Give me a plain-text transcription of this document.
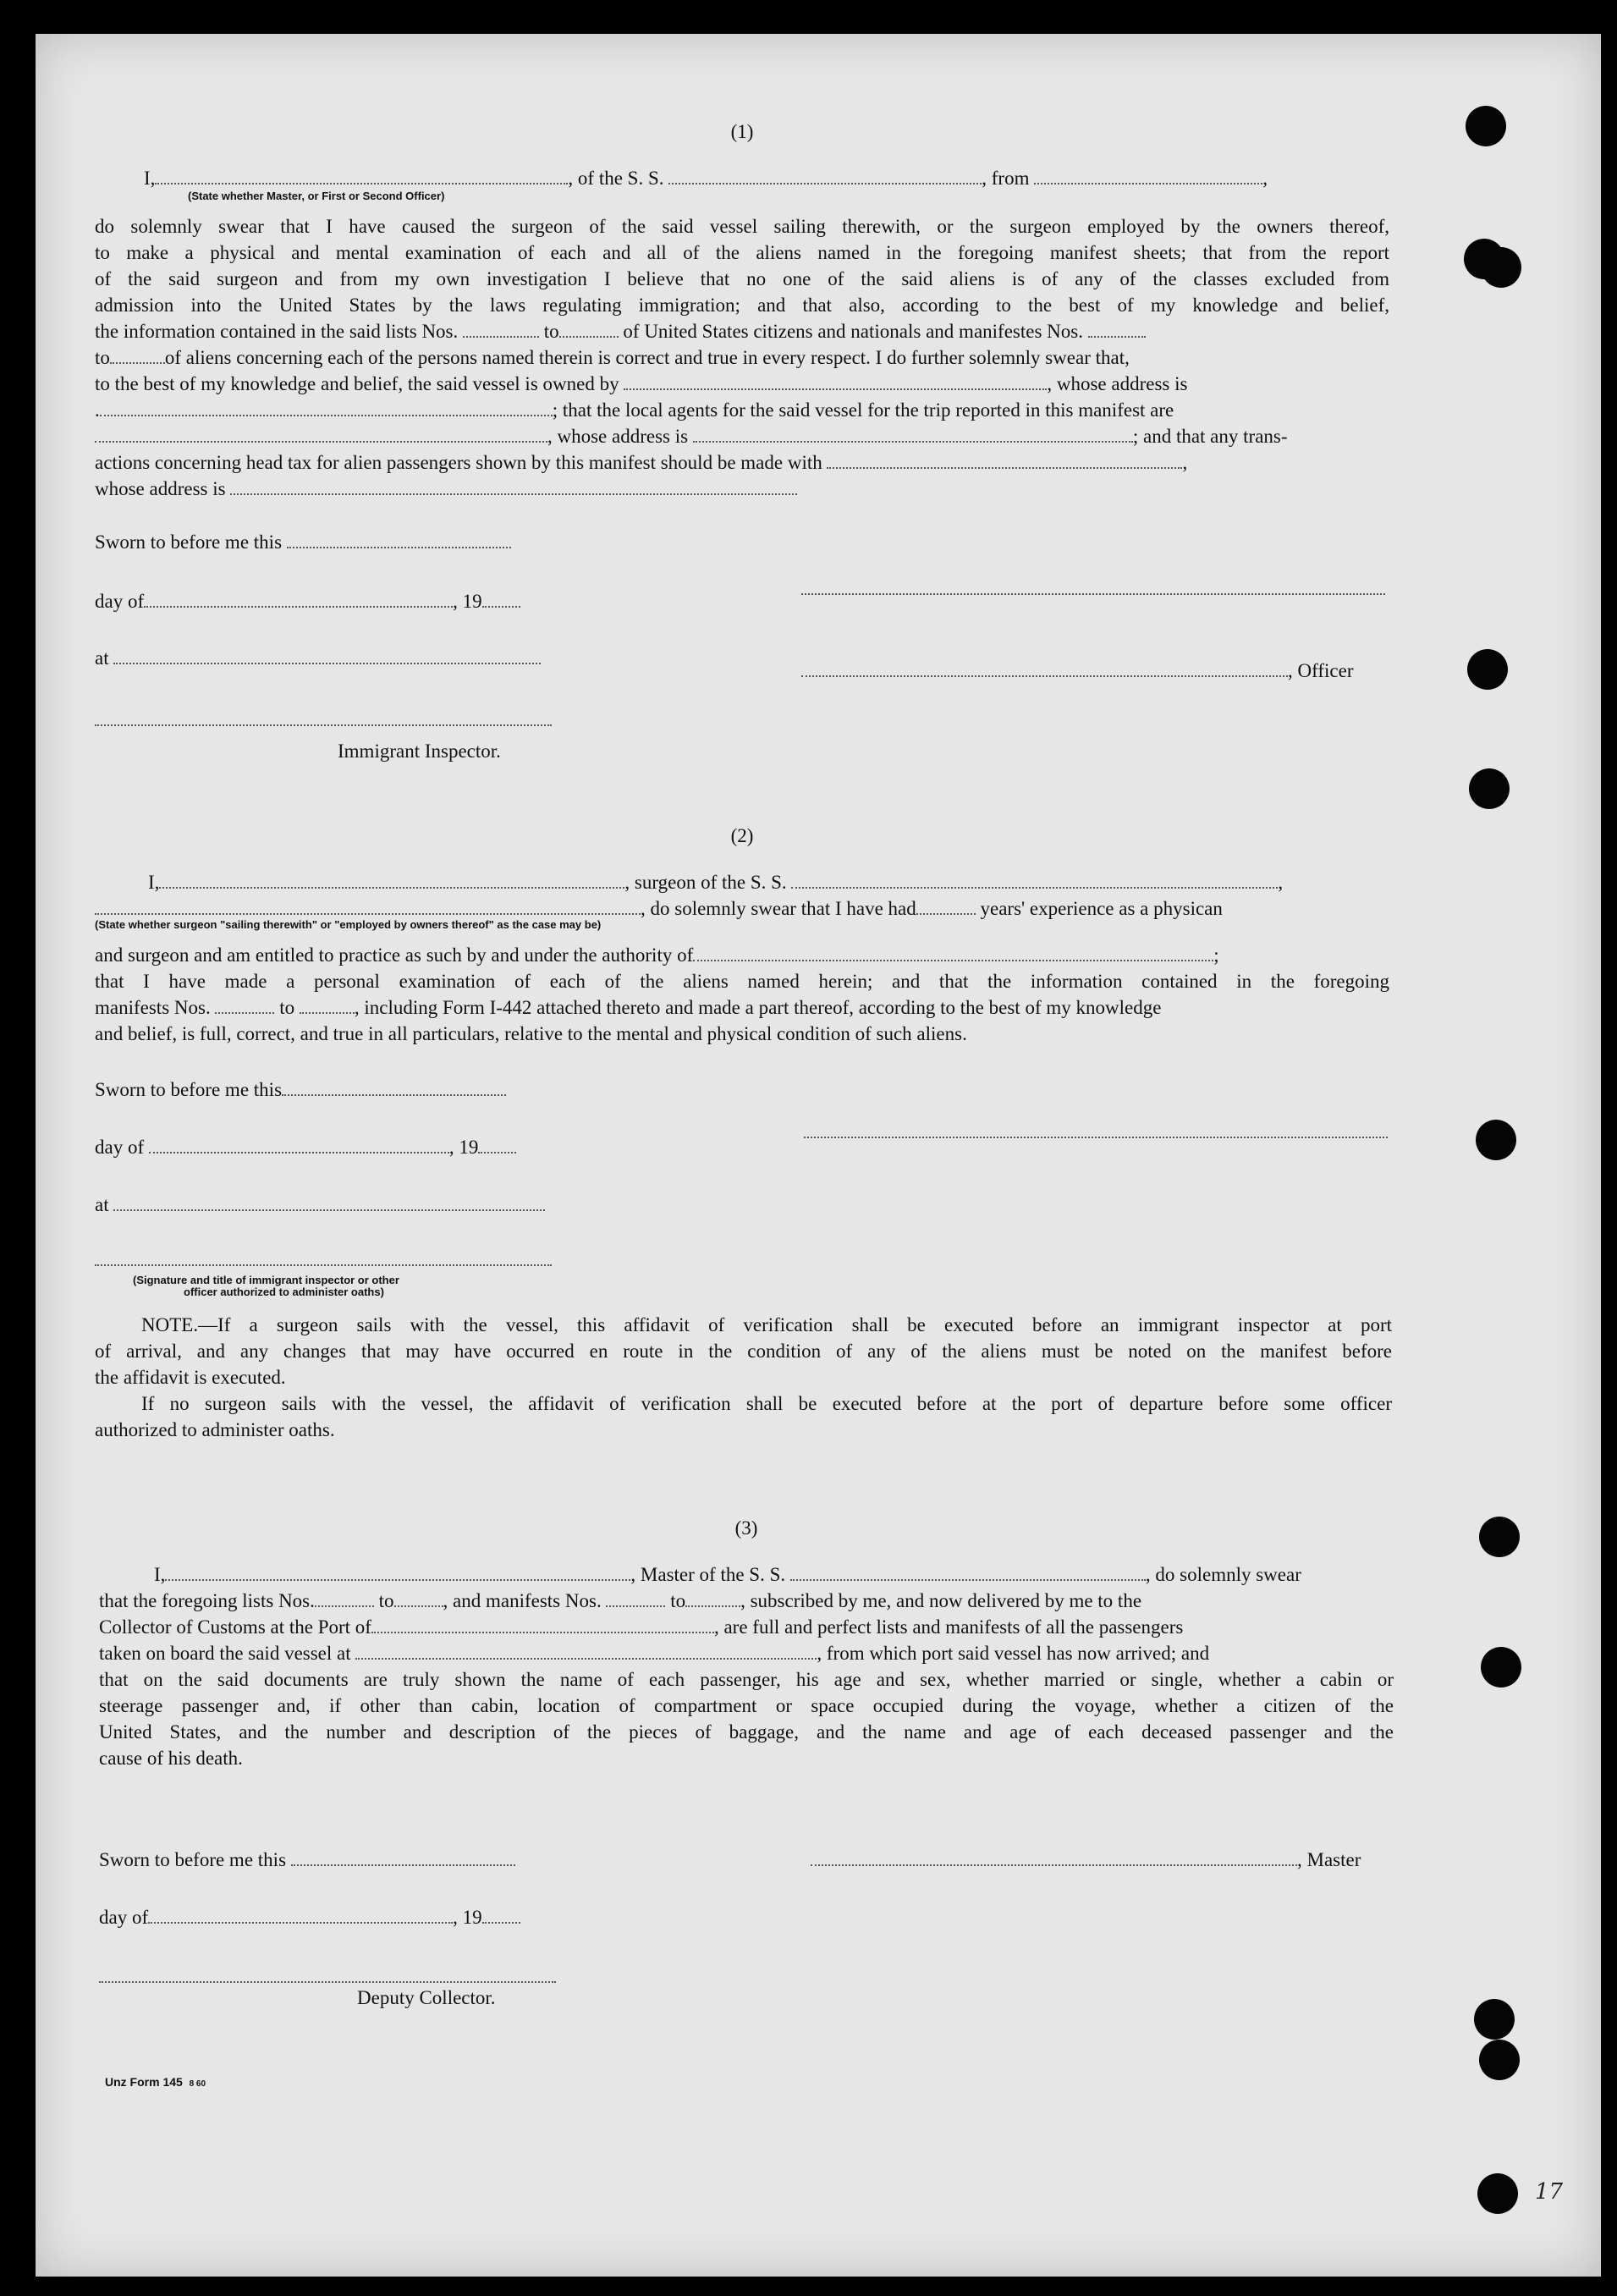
(1)
I,	, of the S. S.	, from	,
(State whether Master, or First or Second Officer)
do solemnly swear that I have caused the surgeon of the said vessel sailing therewith, or the surgeon employed by the owners thereof,
to make a physical and mental examination of each and all of the aliens named in the foregoing manifest sheets; that from the report
of the said surgeon and from my own investigation I believe that no one of the said aliens is of any of the classes excluded from
admission into the United States by the laws regulating immigration; and that also, according to the best of my knowledge and belief,
the information contained in the said lists Nos.	to	of United States citizens and nationals and manifestes Nos.
to	of aliens concerning each of the persons named therein is correct and true in every respect. I do further solemnly swear that,
to the best of my knowledge and belief, the said vessel is owned by	, whose address is
.	; that the local agents for the said vessel for the trip reported in this manifest are
, whose address is	; and that any trans-
actions concerning head tax for alien passengers shown by this manifest should be made with	,
whose address is
Sworn to before me this
day of	, 19
at
, Officer
Immigrant Inspector.
(2)
I,	, surgeon of the S. S.	,
, do solemnly swear that I have had	years' experience as a physican
(State whether surgeon "sailing therewith" or "employed by owners thereof" as the case may be)
and surgeon and am entitled to practice as such by and under the authority of	;
that I have made a personal examination of each of the aliens named herein; and that the information contained in the foregoing
manifests Nos.	to	, including Form I-442 attached thereto and made a part thereof, according to the best of my knowledge
and belief, is full, correct, and true in all particulars, relative to the mental and physical condition of such aliens.
Sworn to before me this
day of	, 19
at
(Signature and title of immigrant inspector or other
officer authorized to administer oaths)
NOTE.—If a surgeon sails with the vessel, this affidavit of verification shall be executed before an immigrant inspector at port
of arrival, and any changes that may have occurred en route in the condition of any of the aliens must be noted on the manifest before
the affidavit is executed.
If no surgeon sails with the vessel, the affidavit of verification shall be executed before at the port of departure before some officer
authorized to administer oaths.
(3)
I,	, Master of the S. S.	, do solemnly swear
that the foregoing lists Nos.	to	, and manifests Nos.	to	, subscribed by me, and now delivered by me to the
Collector of Customs at the Port of	, are full and perfect lists and manifests of all the passengers
taken on board the said vessel at	, from which port said vessel has now arrived; and
that on the said documents are truly shown the name of each passenger, his age and sex, whether married or single, whether a cabin or
steerage passenger and, if other than cabin, location of compartment or space occupied during the voyage, whether a citizen of the
United States, and the number and description of the pieces of baggage, and the name and age of each deceased passenger and the
cause of his death.
Sworn to before me this	, Master
day of	, 19
Deputy Collector.
Unz Form 145 8 60
17
